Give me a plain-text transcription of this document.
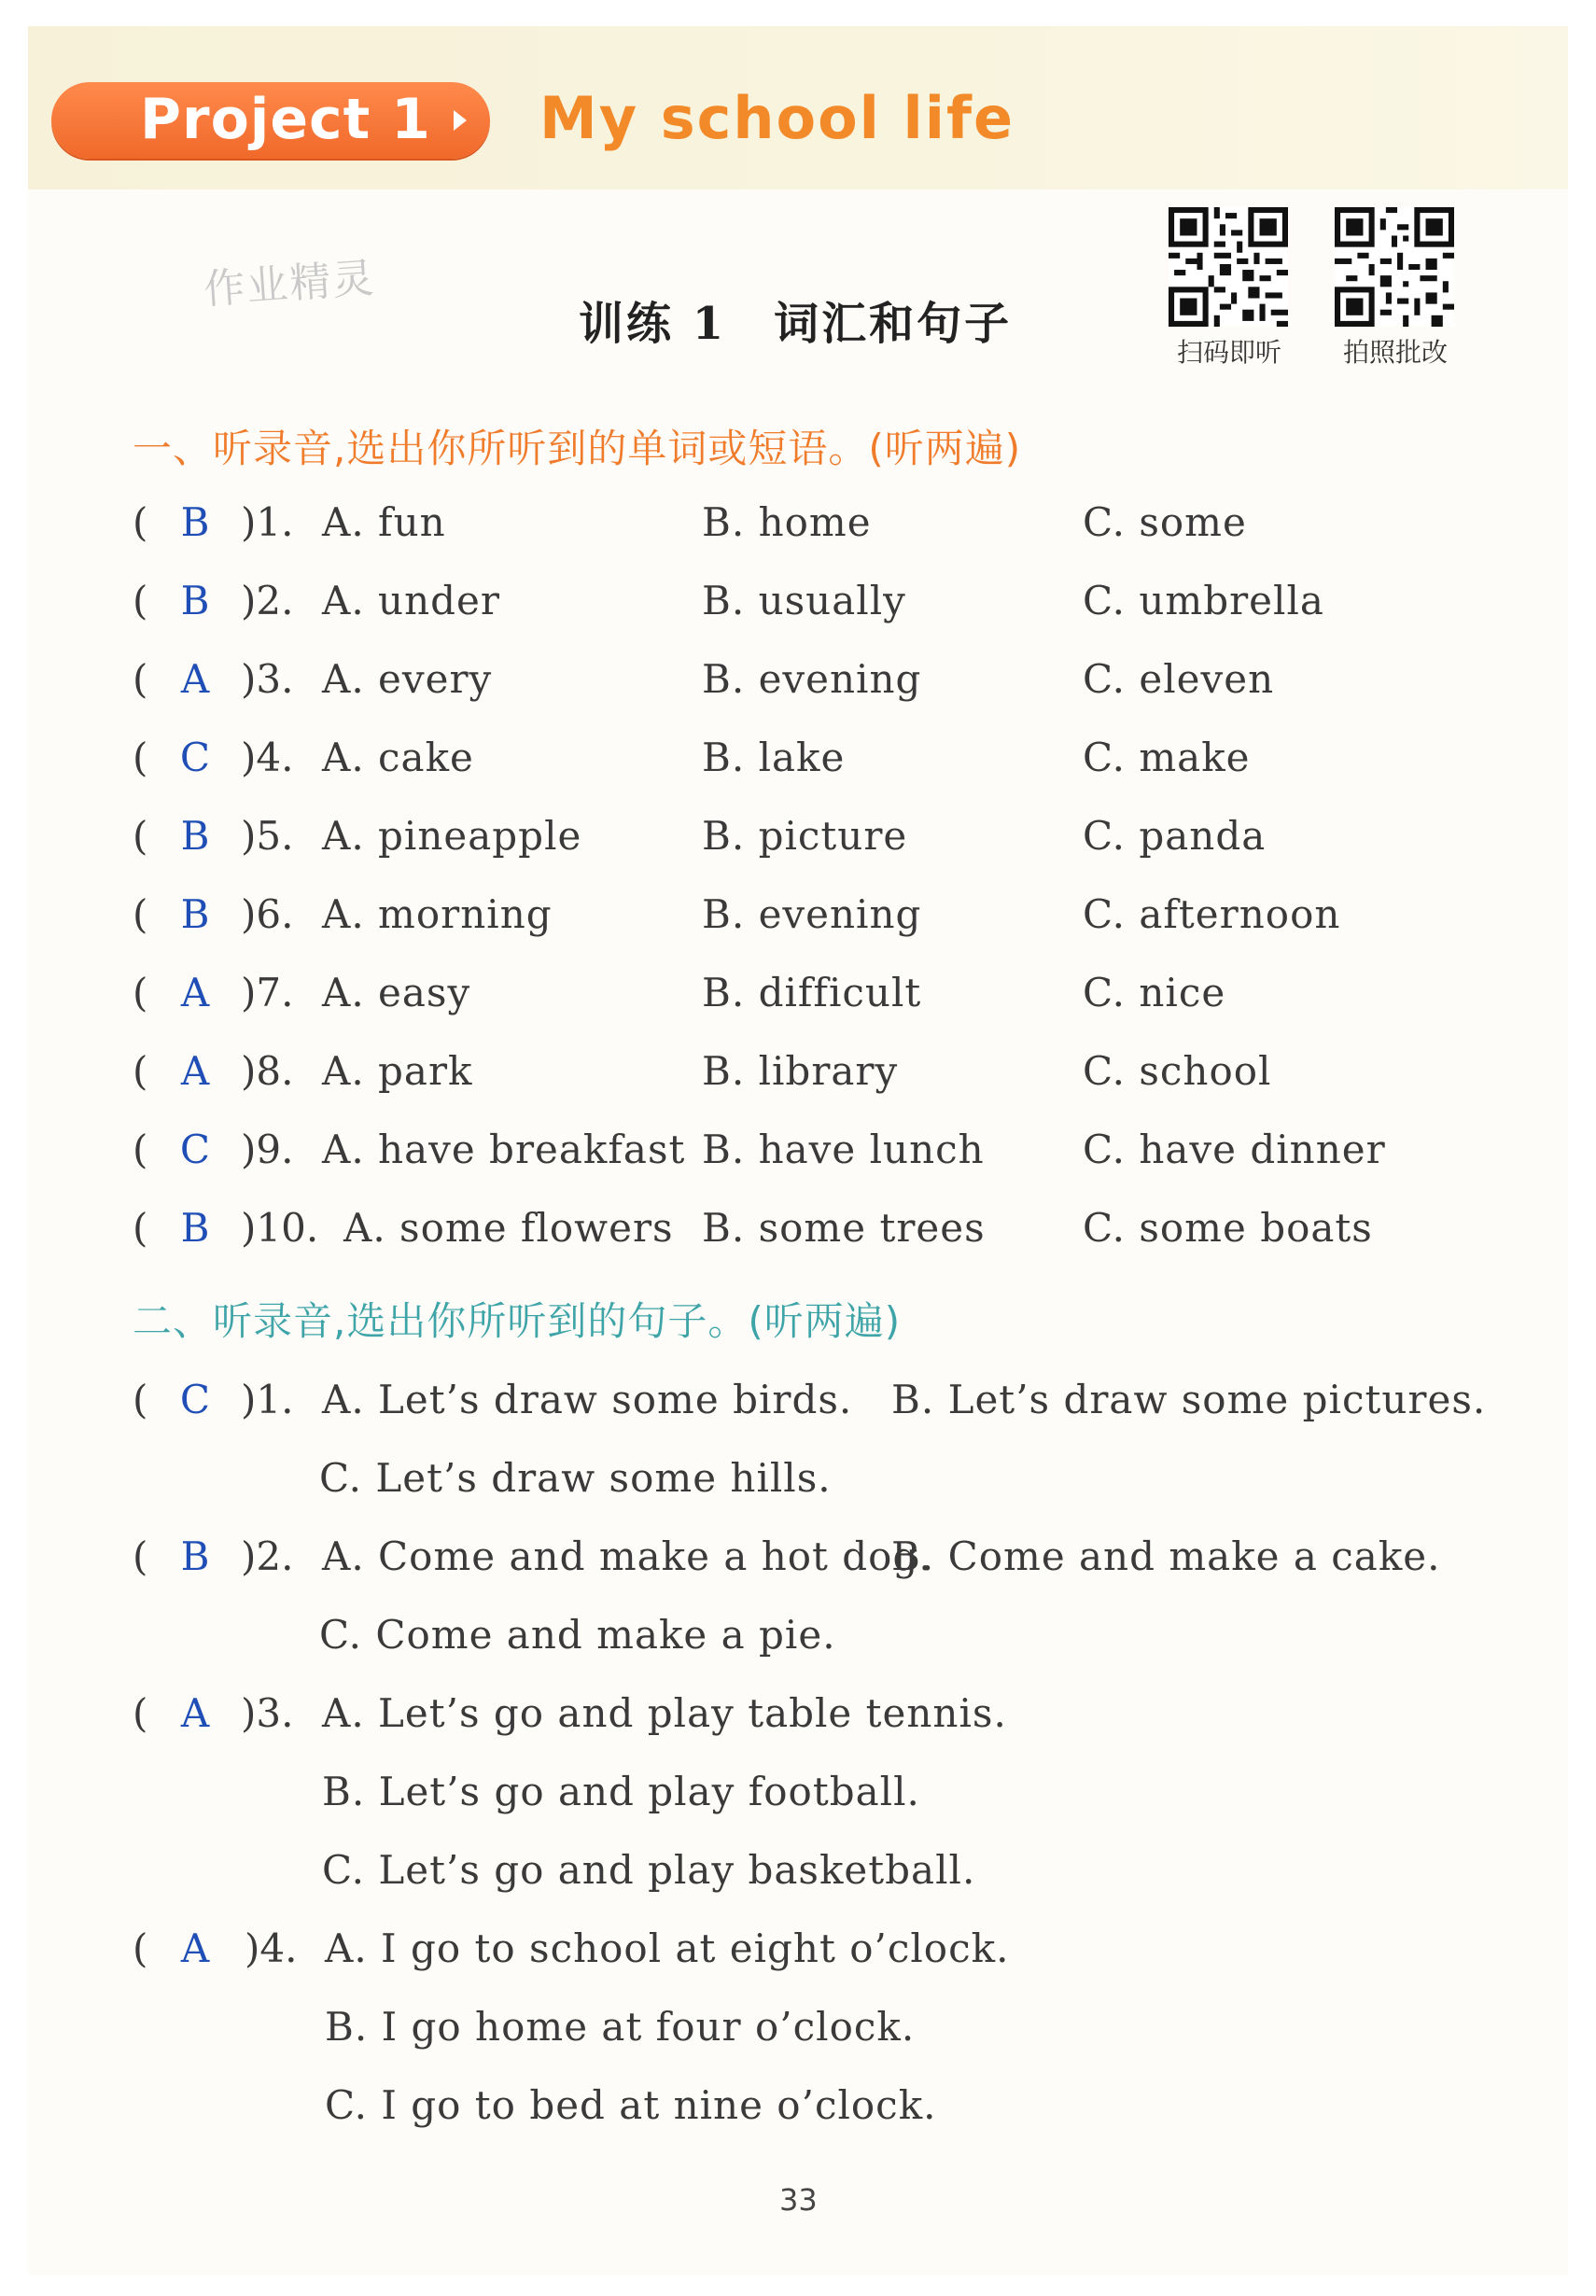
Project 1 My school life
作业精灵
训练 1　词汇和句子
扫码即听	拍照批改
一、听录音,选出你所听到的单词或短语。(听两遍)
( B )1. A. fun	B. home	C. some
( B )2. A. under	B. usually	C. umbrella
( A )3. A. every	B. evening	C. eleven
( C )4. A. cake	B. lake	C. make
( B )5. A. pineapple	B. picture	C. panda
( B )6. A. morning	B. evening	C. afternoon
( A )7. A. easy	B. difficult	C. nice
( A )8. A. park	B. library	C. school
( C )9. A. have breakfast B. have lunch	C. have dinner
( B )10. A. some flowers B. some trees C. some boats
二、听录音,选出你所听到的句子。(听两遍)
( C )1. A. Let’s draw some birds. B. Let’s draw some pictures.
C. Let’s draw some hills.
( B )2. A. Come and make a hot dog.
B. Come and make a cake.
C. Come and make a pie.
( A )3. A. Let’s go and play table tennis.
B. Let’s go and play football.
C. Let’s go and play basketball.
( A )4. A. I go to school at eight o’clock.
B. I go home at four o’clock.
C. I go to bed at nine o’clock.
33
